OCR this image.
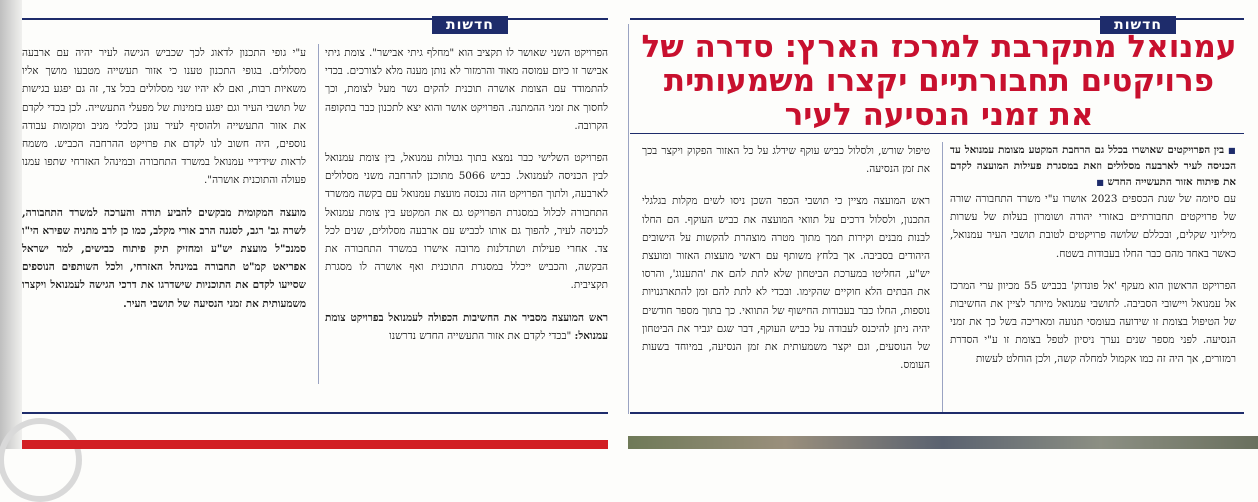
חדשות
חדשות
עמנואל מתקרבת למרכז הארץ: סדרה של פרויקטים תחבורתיים יקצרו משמעותית את זמני הנסיעה לעיר

■ בין הפרויקטים שאושרו בכלל גם הרחבת המקטע מצומת עמנואל עד הכניסה לעיר לארבעה מסלולים וזאת במסגרת פעילות המועצה לקדם את פיתוח אזור התעשייה החדש ■

עם סיומה של שנת הכספים 2023 אושרו ע"י משרד התחבורה שורה של פרויקטים תחבורתיים באזורי יהודה ושומרון בעלות של עשרות מיליוני שקלים, ובכללם שלושה פרויקטים לטובת תושבי העיר עמנואל, כאשר באחד מהם כבר החלו בעבודות בשטח.

הפרויקט הראשון הוא מעקף 'אל פונדוק' בכביש 55 מכיוון ערי המרכז אל עמנואל ויישובי הסביבה. לתושבי עמנואל מיותר לציין את החשיבות של הטיפול בצומת זו שידועה בעומסי תנועה ומאריכה בשל כך את זמני הנסיעה. לפני מספר שנים נערך ניסיון לטפל בצומת זו ע"י הסדרת רמזורים, אך היה זה כמו אקמול למחלה קשה, ולכן הוחלט לעשות

טיפול שורש, ולסלול כביש עוקף שידלג על כל האזור הפקוק ויקצר בכך את זמן הנסיעה.

ראש המועצה מציין כי תושבי הכפר השכן ניסו לשים מקלות בגלגלי התכנון, ולסלול דרכים על תוואי המועצה את כביש העוקף. הם החלו לבנות מבנים וקירות תמך מתוך מטרה מוצהרת להקשות על הישובים היהודים בסביבה. אך בלחץ משותף עם ראשי מועצות האזור ומועצת יש"ע, החליטו במערכת הביטחון שלא לתת להם את 'התענוג', והרסו את הבתים הלא חוקיים שהקימו. ובכדי לא לתת להם זמן להתארגנויות נוספות, החלו כבר בעבודות החישוף של התוואי. כך בתוך מספר חודשים יהיה ניתן להיכנס לעבודה על כביש העוקף, דבר שגם יגביר את הביטחון של הנוסעים, וגם יקצר משמעותית את זמן הנסיעה, במיוחד בשעות העומס.

הפרויקט השני שאושר לו תקציב הוא "מחלף גיתי אבישר". צומת גיתי אבישר זו כיום עמוסה מאוד והרמזור לא נותן מענה מלא לצורכים. בכדי להתמודד עם הצומת אושרה תוכנית להקים גשר מעל לצומת, וכך לחסוך את זמני ההמתנה. הפרויקט אושר והוא יצא לתכנון כבר בתקופה הקרובה.

הפרויקט השלישי כבר נמצא בתוך גבולות עמנואל, בין צומת עמנואל לבין הכניסה לעמנואל. כביש 5066 מתוכנן להרחבה משני מסלולים לארבעה, ולתוך הפרויקט הזה נכנסה מועצת עמנואל עם בקשה ממשרד התחבורה לכלול במסגרת הפרויקט גם את המקטע בין צומת עמנואל לכניסה לעיר, להפוך גם אותו לכביש עם ארבעה מסלולים, שנים לכל צד. אחרי פעילות ושתדלנות מרובה אישרו במשרד התחבורה את הבקשה, והכביש ייכלל במסגרת התוכנית ואף אושרה לו מסגרת תקציבית.

ראש המועצה מסביר את החשיבות הכפולה לעמנואל בפרויקט צומת עמנואל: "בכדי לקדם את אזור התעשייה החדש נדרשנו

ע"י גופי התכנון לדאוג לכך שכביש הגישה לעיר יהיה עם ארבעה מסלולים. בגופי התכנון טענו כי אזור תעשייה מטבעו מושך אליו משאיות רבות, ואם לא יהיו שני מסלולים בכל צד, זה גם יפגע בגישות של תושבי העיר וגם יפגע בזמינות של מפעלי התעשייה. לכן בכדי לקדם את אזור התעשייה ולהוסיף לעיר עוגן כלכלי מניב ומקומות עבודה נוספים, היה חשוב לנו לקדם את פרויקט ההרחבה הכביש. משמח לראות שידידיי עמנואל במשרד התחבורה ובמינהל האזרחי שתפו עמנו פעולה והתוכנית אושרה".

מועצה המקומית מבקשים להביע תודה והערכה למשרד התחבורה, לשרה גב' רגב, לסגנה הרב אורי מקלב, כמו כן לרב מתניה שפירא הי"ו סמנכ"ל מועצת יש"ע ומחזיק תיק פיתוח כבישים, למר ישראל אפריאט קמ"ט תחבורה במינהל האזרחי, ולכל השותפים הנוספים שסייעו לקדם את התוכניות שישדרגו את דרכי הגישה לעמנואל ויקצרו משמעותית את זמני הנסיעה של תושבי העיר.
